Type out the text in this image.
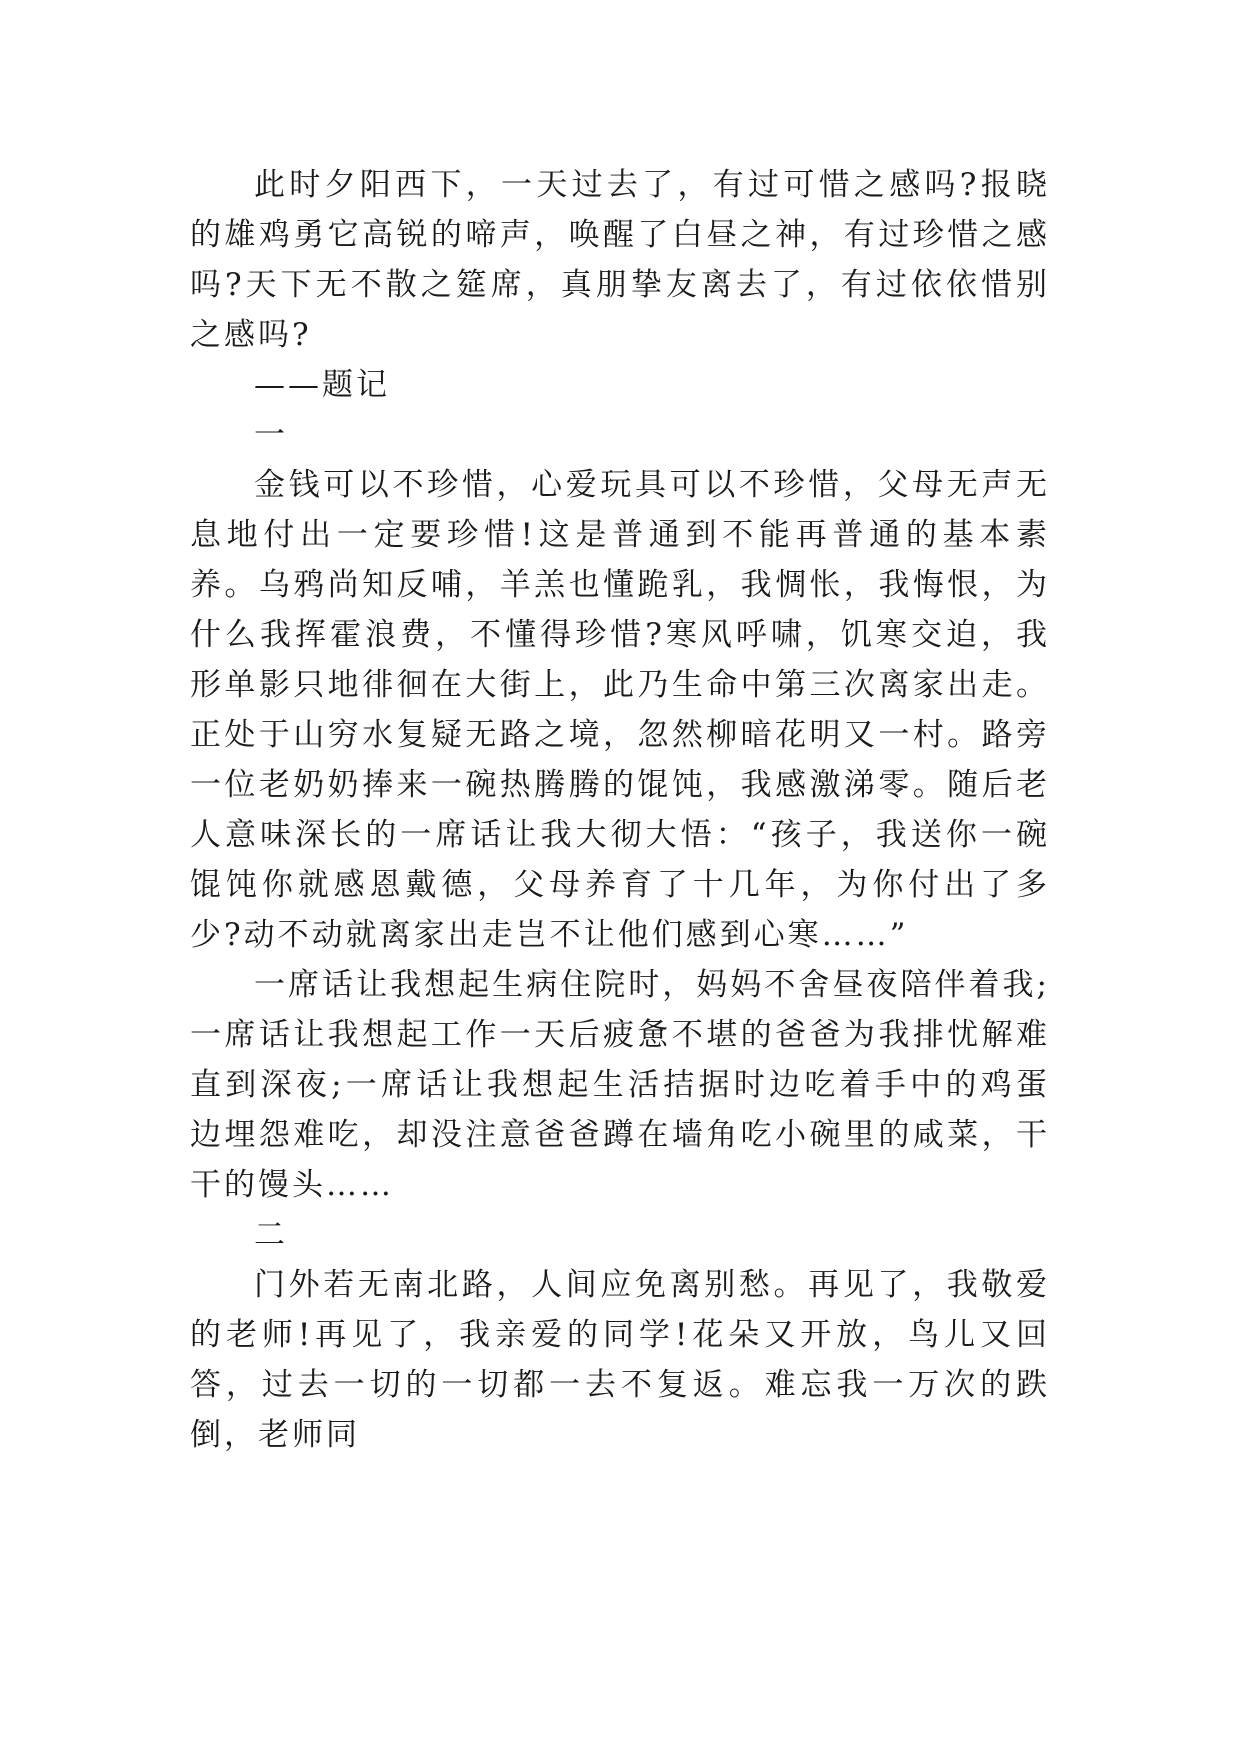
此时夕阳西下，一天过去了，有过可惜之感吗?报晓的雄鸡勇它高锐的啼声，唤醒了白昼之神，有过珍惜之感吗?天下无不散之筵席，真朋挚友离去了，有过依依惜别之感吗?

——题记

一

金钱可以不珍惜，心爱玩具可以不珍惜，父母无声无息地付出一定要珍惜!这是普通到不能再普通的基本素养。乌鸦尚知反哺，羊羔也懂跪乳，我惆怅，我悔恨，为什么我挥霍浪费，不懂得珍惜?寒风呼啸，饥寒交迫，我形单影只地徘徊在大街上，此乃生命中第三次离家出走。正处于山穷水复疑无路之境，忽然柳暗花明又一村。路旁一位老奶奶捧来一碗热腾腾的馄饨，我感激涕零。随后老人意味深长的一席话让我大彻大悟：“孩子，我送你一碗馄饨你就感恩戴德，父母养育了十几年，为你付出了多少?动不动就离家出走岂不让他们感到心寒……”

一席话让我想起生病住院时，妈妈不舍昼夜陪伴着我;一席话让我想起工作一天后疲惫不堪的爸爸为我排忧解难直到深夜;一席话让我想起生活拮据时边吃着手中的鸡蛋边埋怨难吃，却没注意爸爸蹲在墙角吃小碗里的咸菜，干干的馒头……

二

门外若无南北路，人间应免离别愁。再见了，我敬爱的老师!再见了，我亲爱的同学!花朵又开放，鸟儿又回答，过去一切的一切都一去不复返。难忘我一万次的跌倒，老师同
